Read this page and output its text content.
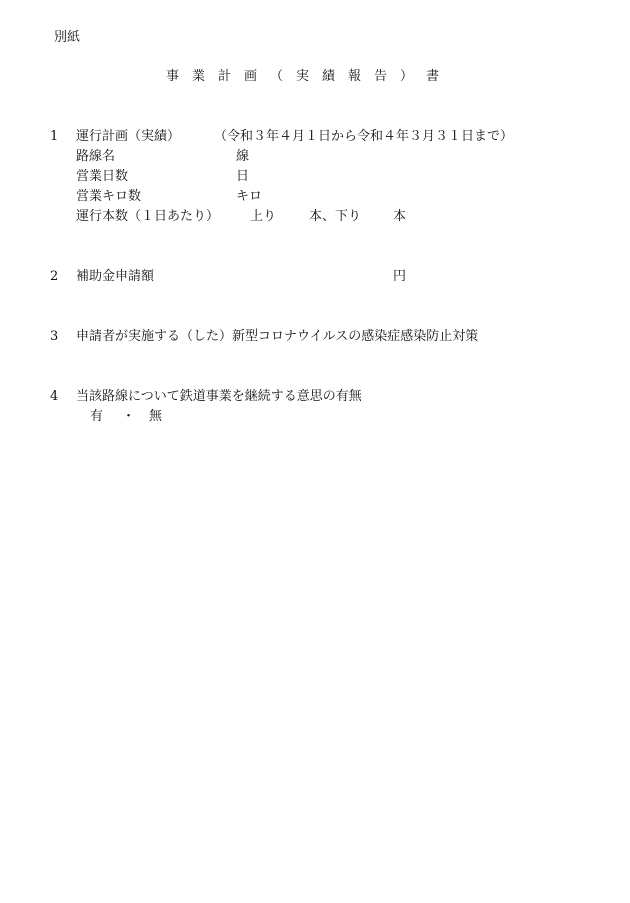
別紙
事業計画（実績報告）書
1 運行計画（実績）	（令和３年４月１日から令和４年３月３１日まで）
路線名	線
営業日数	日
営業キロ数	キロ
運行本数（１日あたり） 上り	本、下り 本
2 補助金申請額	円
3 申請者が実施する（した）新型コロナウイルスの感染症感染防止対策
4 当該路線について鉄道事業を継続する意思の有無
有 ・ 無
